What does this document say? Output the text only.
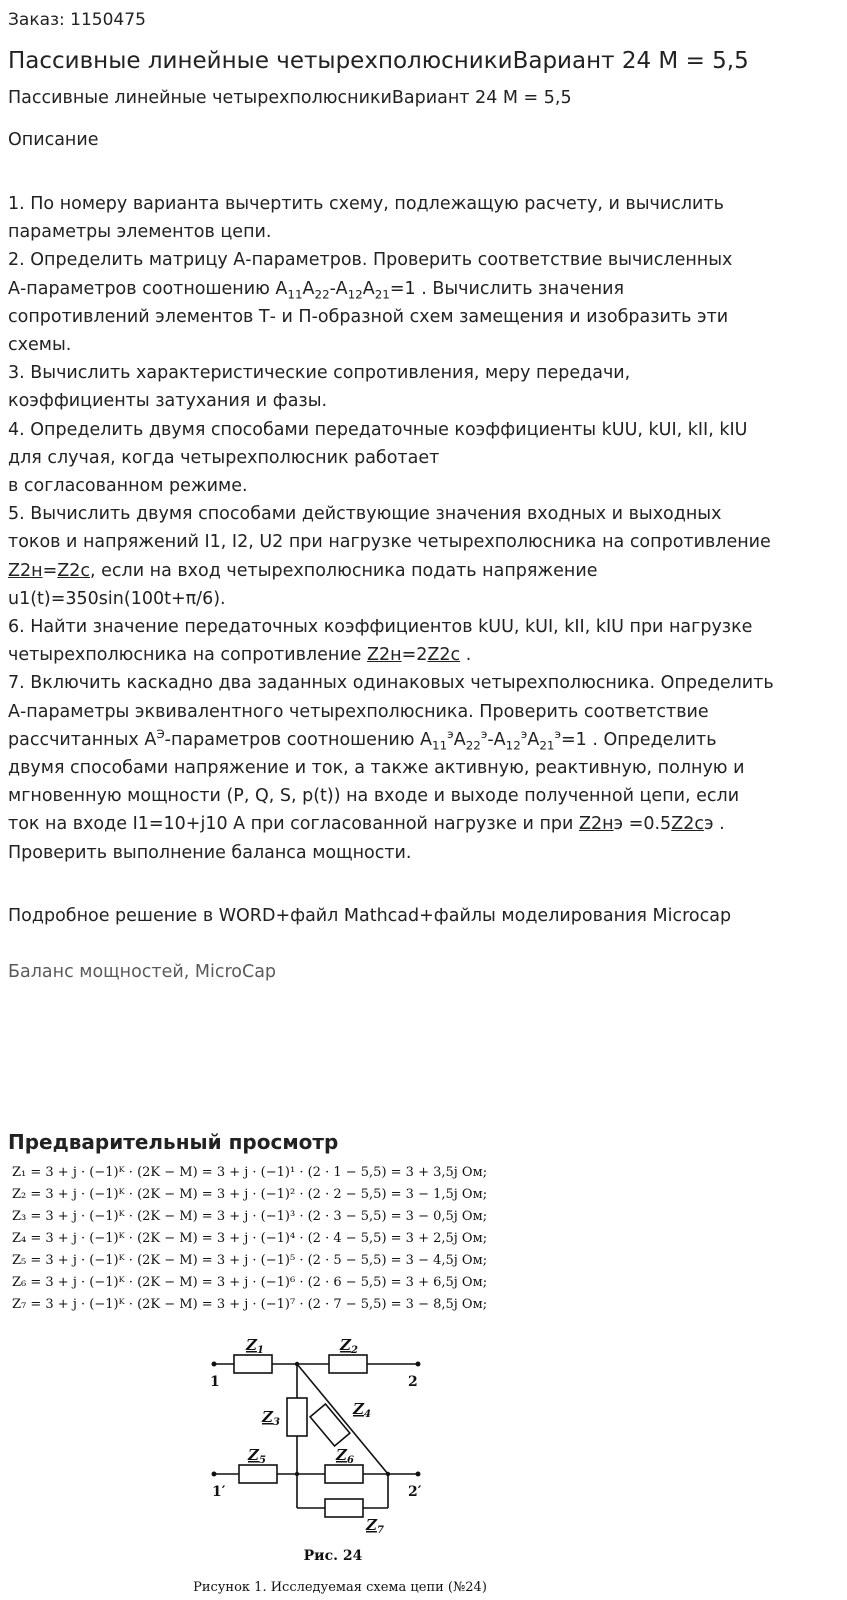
Заказ: 1150475
Пассивные линейные четырехполюсникиВариант 24 М = 5,5
Пассивные линейные четырехполюсникиВариант 24 М = 5,5
Описание
1. По номеру варианта вычертить схему, подлежащую расчету, и вычислить
параметры элементов цепи.
2. Определить матрицу А-параметров. Проверить соответствие вычисленных
А-параметров соотношению $А_{11}A_{22}-A_{12}A_{21}=1$ . Вычислить значения
сопротивлений элементов Т- и П-образной схем замещения и изобразить эти
схемы.
3. Вычислить характеристические сопротивления, меру передачи,
коэффициенты затухания и фазы.
4. Определить двумя способами передаточные коэффициенты kUU, kUI, kII, kIU
для случая, когда четырехполюсник работает
в согласованном режиме.
5. Вычислить двумя способами действующие значения входных и выходных
токов и напряжений I1, I2, U2 при нагрузке четырехполюсника на сопротивление
Z2н=Z2c, если на вход четырехполюсника подать напряжение
u1(t)=350sin(100t+π/6).
6. Найти значение передаточных коэффициентов kUU, kUI, kII, kIU при нагрузке
четырехполюсника на сопротивление Z2н=2Z2c .
7. Включить каскадно два заданных одинаковых четырехполюсника. Определить
А-параметры эквивалентного четырехполюсника. Проверить соответствие
рассчитанных $А^Э$-параметров соотношению $А_{11}^эA_{22}^э-A_{12}^эA_{21}^э=1$ . Определить
двумя способами напряжение и ток, а также активную, реактивную, полную и
мгновенную мощности (P, Q, S, p(t)) на входе и выходе полученной цепи, если
ток на входе I1=10+j10 А при согласованной нагрузке и при Z2нэ =0.5Z2cэ .
Проверить выполнение баланса мощности.
Подробное решение в WORD+файл Mathcad+файлы моделирования Microcap
Баланс мощностей, MicroCap
Предварительный просмотр
Z₁ = 3 + j · (−1)ᴷ · (2K − M) = 3 + j · (−1)¹ · (2 · 1 − 5,5) = 3 + 3,5j Ом;
Z₂ = 3 + j · (−1)ᴷ · (2K − M) = 3 + j · (−1)² · (2 · 2 − 5,5) = 3 − 1,5j Ом;
Z₃ = 3 + j · (−1)ᴷ · (2K − M) = 3 + j · (−1)³ · (2 · 3 − 5,5) = 3 − 0,5j Ом;
Z₄ = 3 + j · (−1)ᴷ · (2K − M) = 3 + j · (−1)⁴ · (2 · 4 − 5,5) = 3 + 2,5j Ом;
Z₅ = 3 + j · (−1)ᴷ · (2K − M) = 3 + j · (−1)⁵ · (2 · 5 − 5,5) = 3 − 4,5j Ом;
Z₆ = 3 + j · (−1)ᴷ · (2K − M) = 3 + j · (−1)⁶ · (2 · 6 − 5,5) = 3 + 6,5j Ом;
Z₇ = 3 + j · (−1)ᴷ · (2K − M) = 3 + j · (−1)⁷ · (2 · 7 − 5,5) = 3 − 8,5j Ом;
$Z_1$	$Z_2$
$Z_3$
$Z_4$
$Z_5$	$Z_6$
$Z_7$
1	2
1′	2′
Рис. 24
Рисунок 1. Исследуемая схема цепи (№24)
